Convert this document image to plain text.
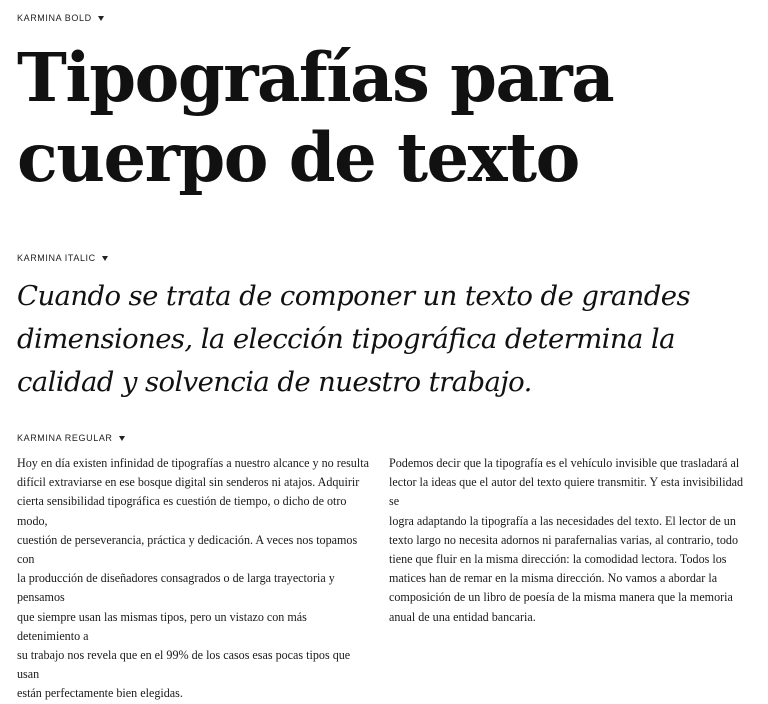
KARMINA BOLD
Tipografías para
cuerpo de texto
KARMINA ITALIC

Cuando se trata de componer un texto de grandes
dimensiones, la elección tipográfica determina la
calidad y solvencia de nuestro trabajo.

KARMINA REGULAR

Hoy en día existen infinidad de tipografías a nuestro alcance y no resulta
difícil extraviarse en ese bosque digital sin senderos ni atajos. Adquirir
cierta sensibilidad tipográfica es cuestión de tiempo, o dicho de otro modo,
cuestión de perseverancia, práctica y dedicación. A veces nos topamos con
la producción de diseñadores consagrados o de larga trayectoria y pensamos
que siempre usan las mismas tipos, pero un vistazo con más detenimiento a
su trabajo nos revela que en el 99% de los casos esas pocas tipos que usan
están perfectamente bien elegidas.

Podemos decir que la tipografía es el vehículo invisible que trasladará al
lector la ideas que el autor del texto quiere transmitir. Y esta invisibilidad se
logra adaptando la tipografía a las necesidades del texto. El lector de un
texto largo no necesita adornos ni parafernalias varias, al contrario, todo
tiene que fluir en la misma dirección: la comodidad lectora. Todos los
matices han de remar en la misma dirección. No vamos a abordar la
composición de un libro de poesía de la misma manera que la memoria
anual de una entidad bancaria.
